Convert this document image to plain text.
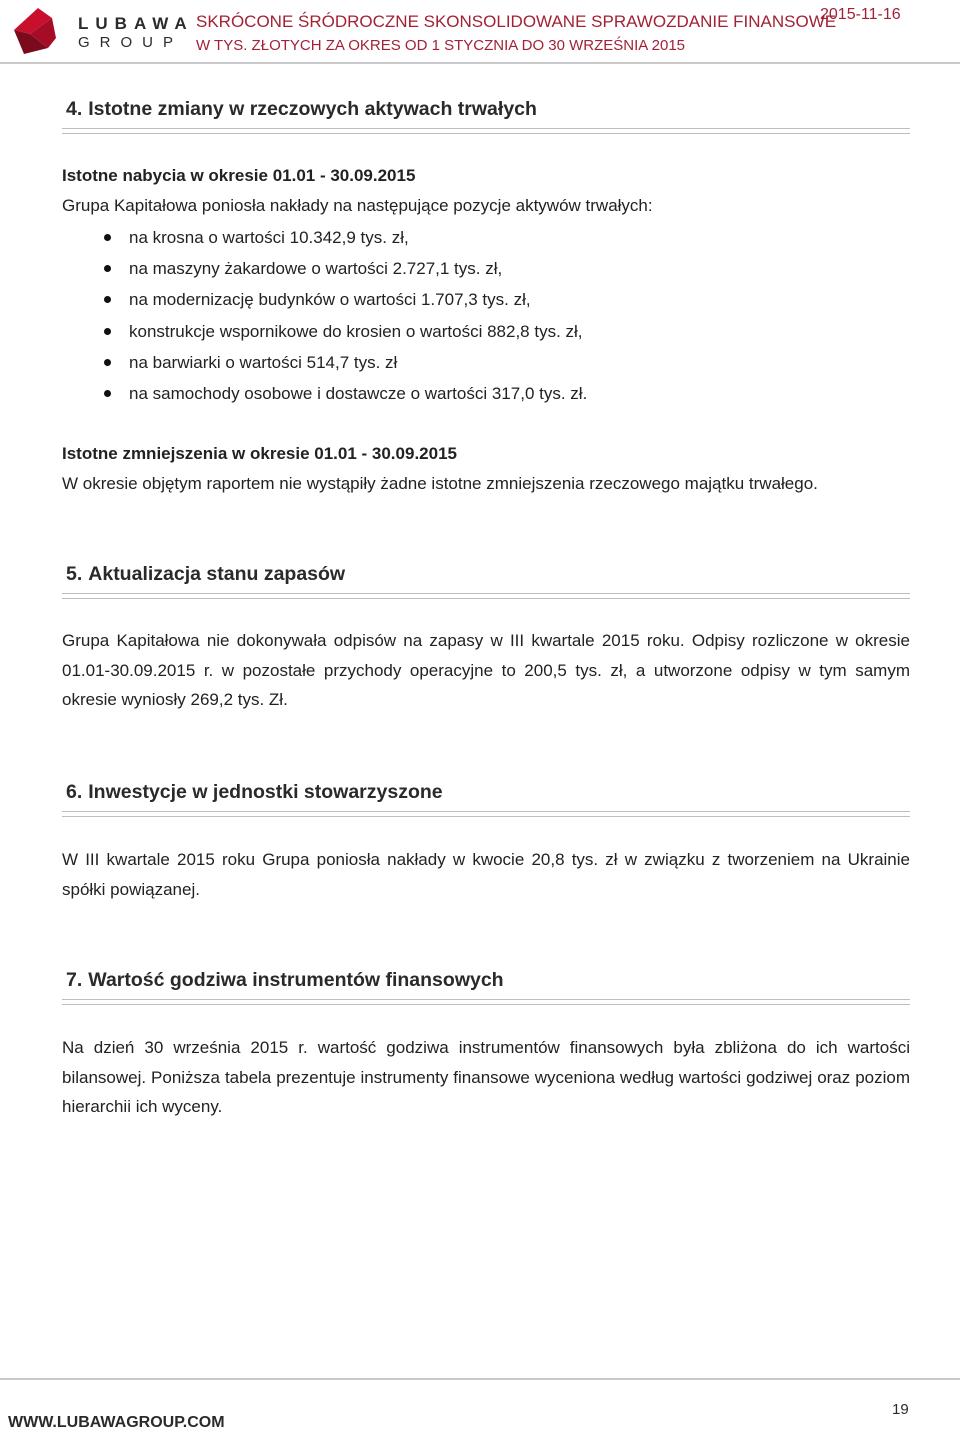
LUBAWA
GROUP
SKRÓCONE ŚRÓDROCZNE SKONSOLIDOWANE SPRAWOZDANIE FINANSOWE
W TYS. ZŁOTYCH ZA OKRES OD 1 STYCZNIA DO 30 WRZEŚNIA 2015
2015-11-16
4. Istotne zmiany w rzeczowych aktywach trwałych
Istotne nabycia w okresie 01.01 - 30.09.2015
Grupa Kapitałowa poniosła nakłady na następujące pozycje aktywów trwałych:
na krosna o wartości 10.342,9 tys. zł,
na maszyny żakardowe o wartości 2.727,1 tys. zł,
na modernizację budynków o wartości 1.707,3 tys. zł,
konstrukcje wspornikowe do krosien o wartości 882,8 tys. zł,
na barwiarki o wartości 514,7 tys. zł
na samochody osobowe i dostawcze o wartości 317,0 tys. zł.
Istotne zmniejszenia w okresie 01.01 - 30.09.2015
W okresie objętym raportem nie wystąpiły żadne istotne zmniejszenia rzeczowego majątku trwałego.
5. Aktualizacja stanu zapasów
Grupa Kapitałowa nie dokonywała odpisów na zapasy w III kwartale 2015 roku. Odpisy rozliczone w okresie 01.01-30.09.2015 r. w pozostałe przychody operacyjne to 200,5 tys. zł, a utworzone odpisy w tym samym okresie wyniosły 269,2 tys. Zł.
6. Inwestycje w jednostki stowarzyszone
W III kwartale 2015 roku Grupa poniosła nakłady w kwocie 20,8 tys. zł w związku z tworzeniem na Ukrainie spółki powiązanej.
7. Wartość godziwa instrumentów finansowych
Na dzień 30 września 2015 r. wartość godziwa instrumentów finansowych była zbliżona do ich wartości bilansowej. Poniższa tabela prezentuje instrumenty finansowe wyceniona według wartości godziwej oraz poziom hierarchii ich wyceny.
WWW.LUBAWAGROUP.COM
19
